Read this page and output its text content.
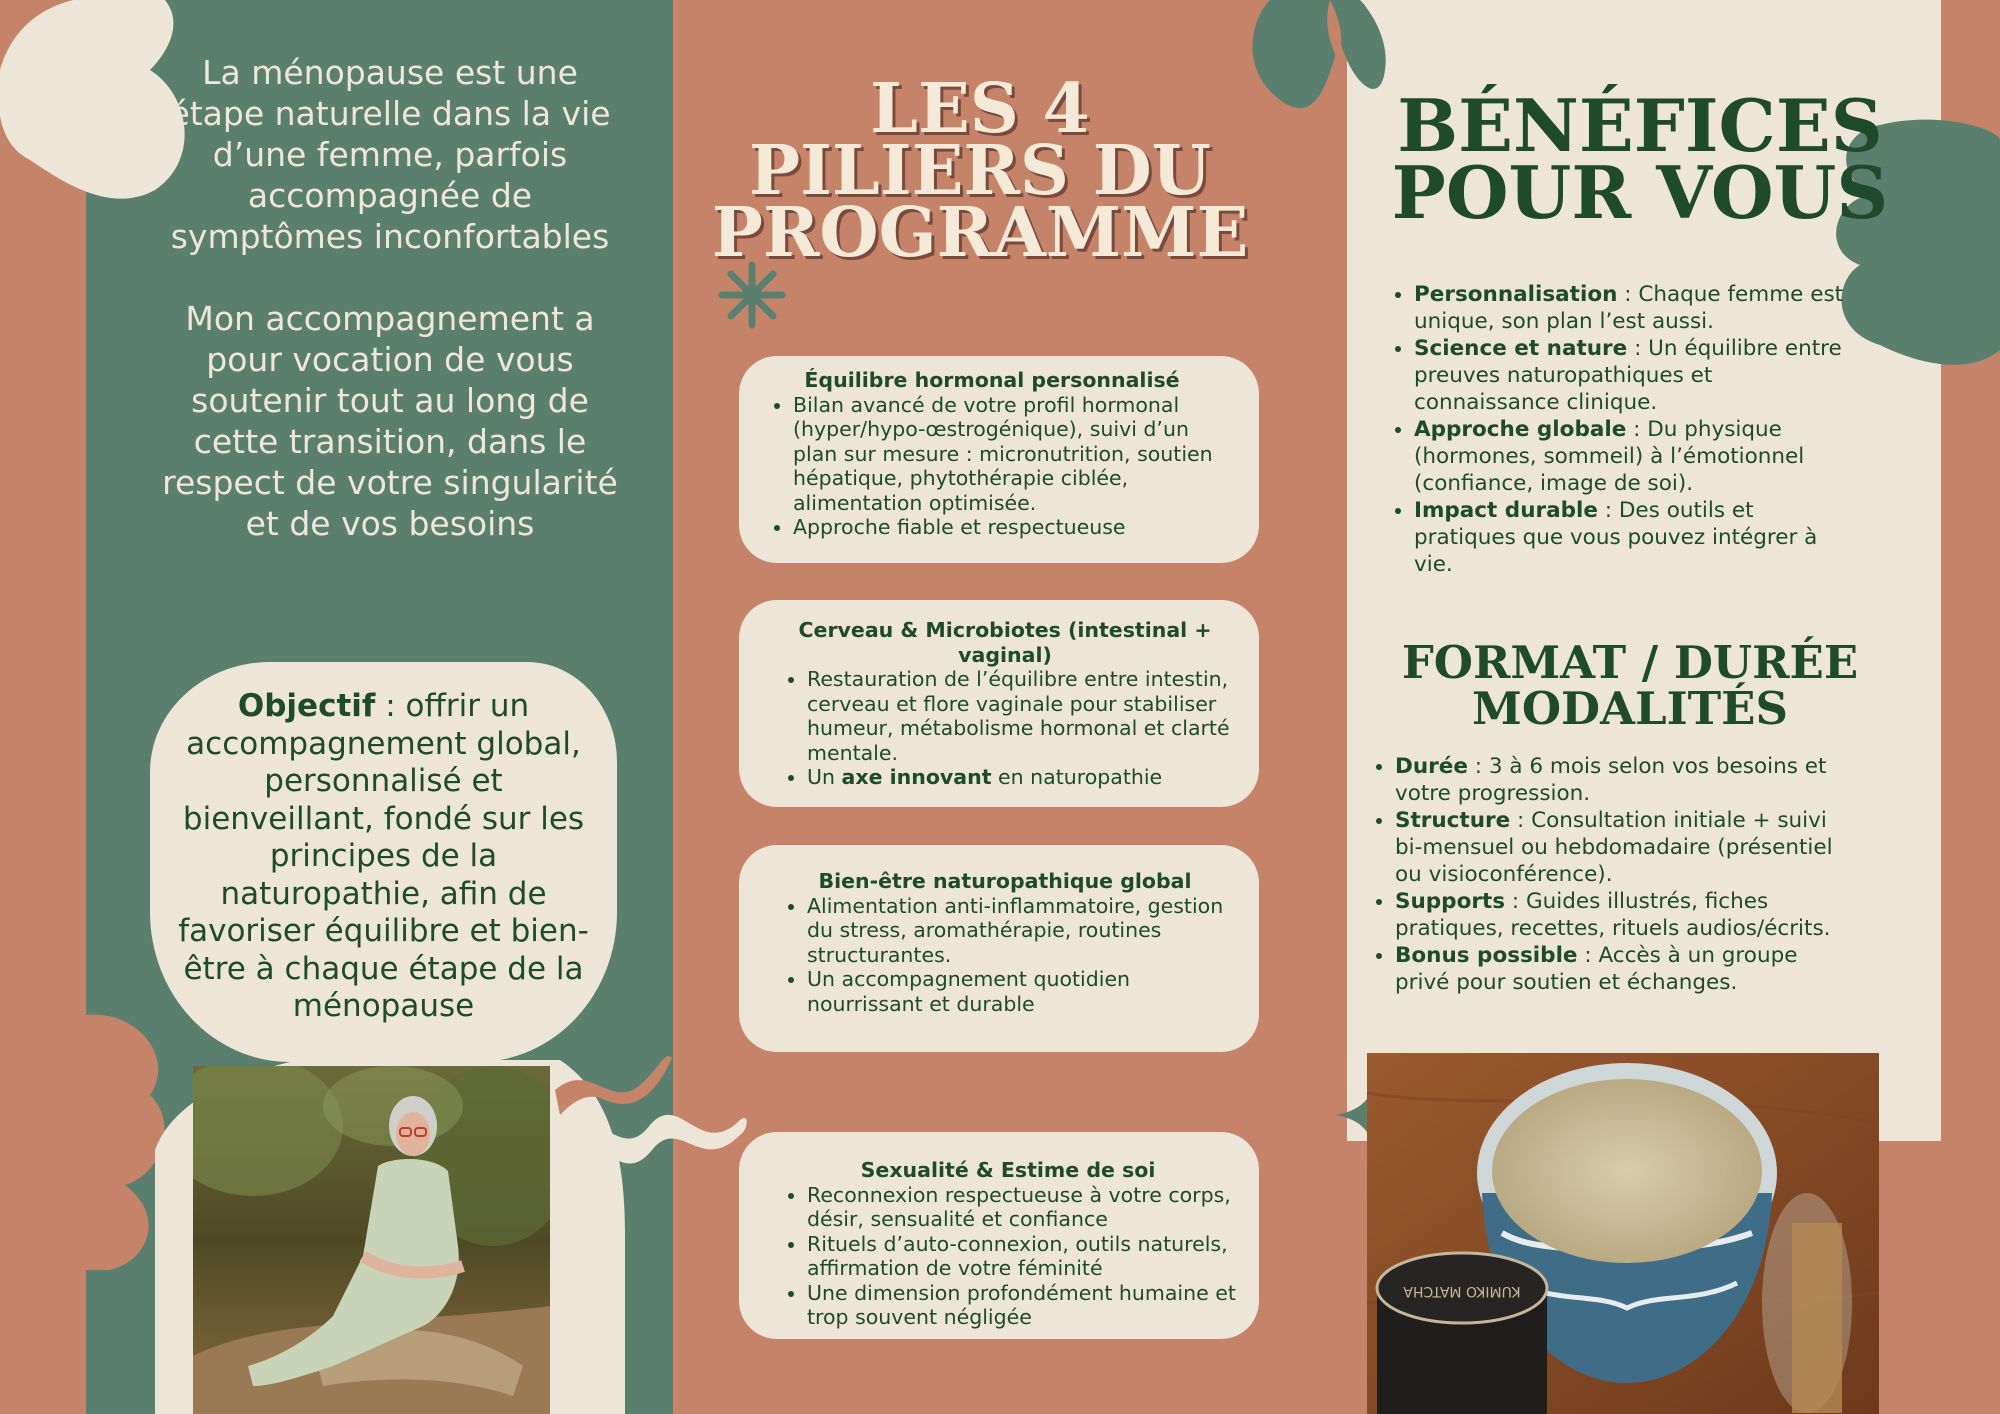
La ménopause est une étape naturelle dans la vie d’une femme, parfois accompagnée de symptômes inconfortables

Mon accompagnement a pour vocation de vous soutenir tout au long de cette transition, dans le respect de votre singularité et de vos besoins

Objectif : offrir un accompagnement global, personnalisé et bienveillant, fondé sur les principes de la naturopathie, afin de favoriser équilibre et bien-être à chaque étape de la ménopause
LES 4 PILIERS DU PROGRAMME
Équilibre hormonal personnalisé
• Bilan avancé de votre profil hormonal (hyper/hypo-œstrogénique), suivi d’un plan sur mesure : micronutrition, soutien hépatique, phytothérapie ciblée, alimentation optimisée.
• Approche fiable et respectueuse
Cerveau & Microbiotes (intestinal + vaginal)
• Restauration de l’équilibre entre intestin, cerveau et flore vaginale pour stabiliser humeur, métabolisme hormonal et clarté mentale.
• Un axe innovant en naturopathie
Bien-être naturopathique global
• Alimentation anti-inflammatoire, gestion du stress, aromathérapie, routines structurantes.
• Un accompagnement quotidien nourrissant et durable
Sexualité & Estime de soi
• Reconnexion respectueuse à votre corps, désir, sensualité et confiance
• Rituels d’auto-connexion, outils naturels, affirmation de votre féminité
• Une dimension profondément humaine et trop souvent négligée
BÉNÉFICES POUR VOUS
• Personnalisation : Chaque femme est unique, son plan l’est aussi.
• Science et nature : Un équilibre entre preuves naturopathiques et connaissance clinique.
• Approche globale : Du physique (hormones, sommeil) à l’émotionnel (confiance, image de soi).
• Impact durable : Des outils et pratiques que vous pouvez intégrer à vie.
FORMAT / DURÉE MODALITÉS
• Durée : 3 à 6 mois selon vos besoins et votre progression.
• Structure : Consultation initiale + suivi bi-mensuel ou hebdomadaire (présentiel ou visioconférence).
• Supports : Guides illustrés, fiches pratiques, recettes, rituels audios/écrits.
• Bonus possible : Accès à un groupe privé pour soutien et échanges.
KUMIKO MATCHA
